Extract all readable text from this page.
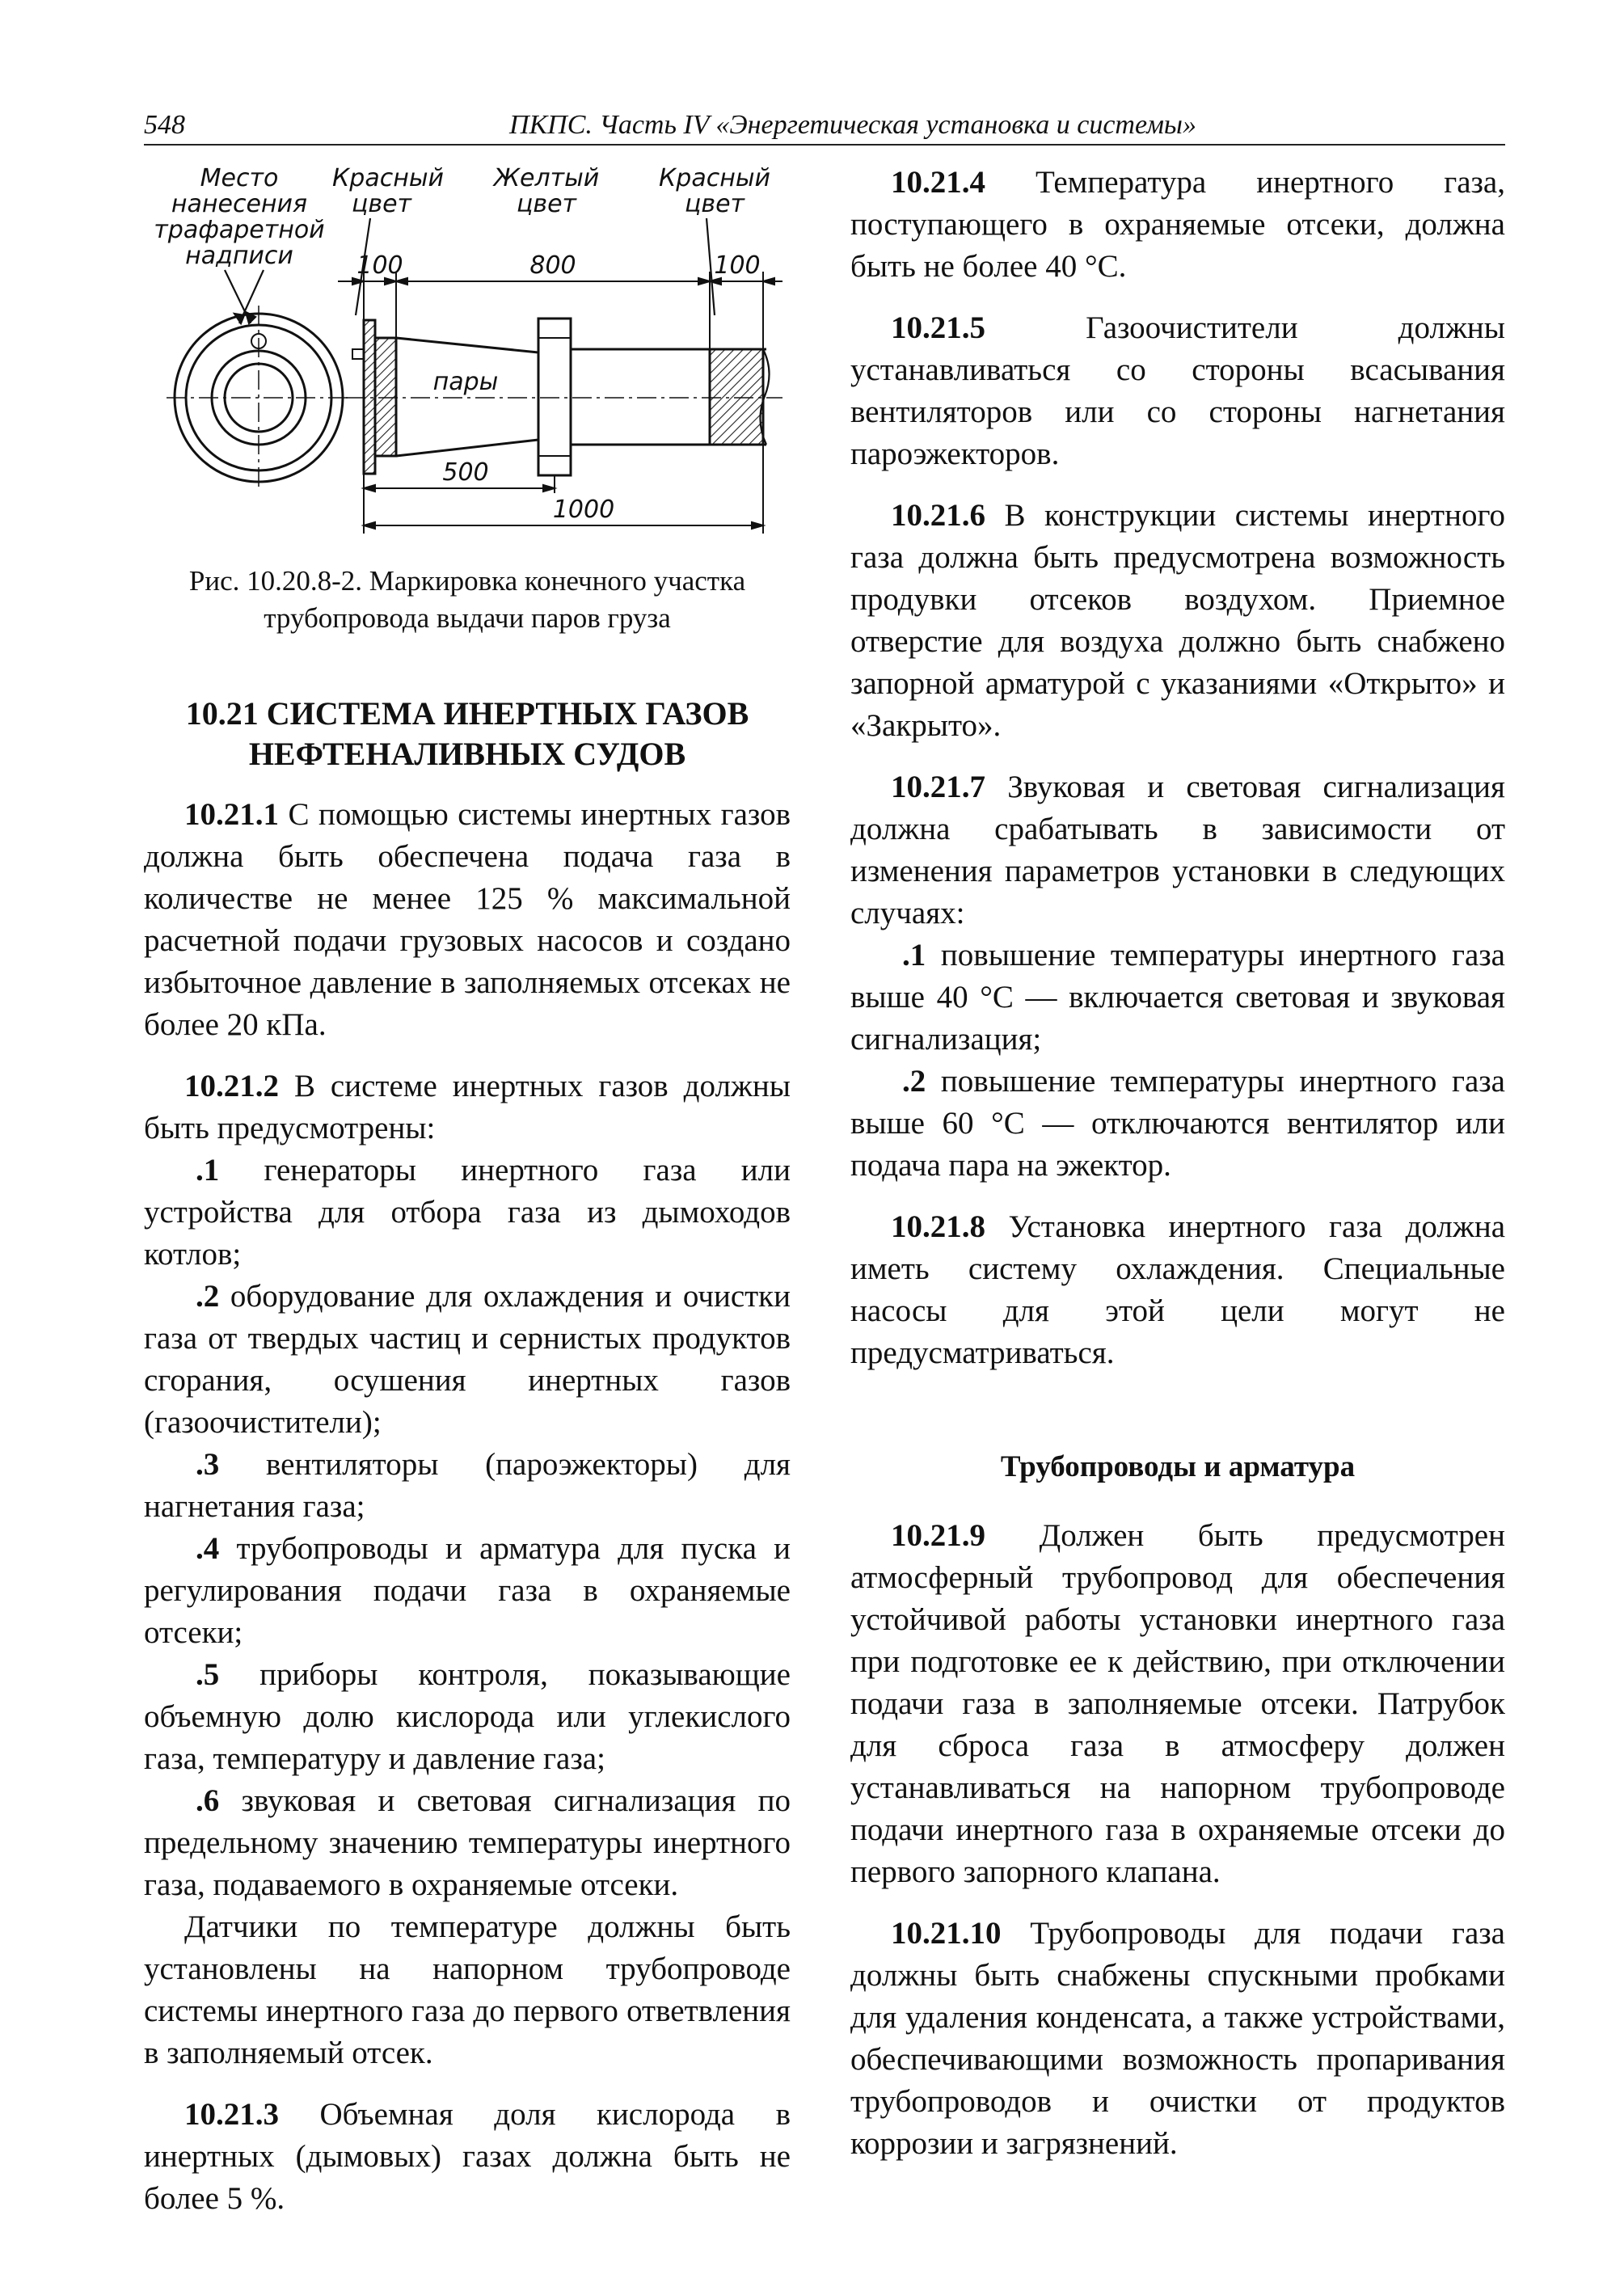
548	ПКПС. Часть IV «Энергетическая установка и системы»
Место
нанесения
трафаретной
надписи
Красный
цвет
Желтый
цвет
Красный
цвет
пары
100	800	100
500
1000
Рис. 10.20.8-2. Маркировка конечного участка
трубопровода выдачи паров груза
10.21 СИСТЕМА ИНЕРТНЫХ ГАЗОВ
НЕФТЕНАЛИВНЫХ СУДОВ

10.21.1 С помощью системы инертных газов должна быть обеспечена подача газа в количестве не менее 125 % максимальной расчетной подачи грузовых насосов и создано избыточное давление в заполняемых отсеках не более 20 кПа.

10.21.2 В системе инертных газов должны быть предусмотрены:

.1 генераторы инертного газа или устройства для отбора газа из дымоходов котлов;

.2 оборудование для охлаждения и очистки газа от твердых частиц и сернистых продуктов сгорания, осушения инертных газов (газоочистители);

.3 вентиляторы (пароэжекторы) для нагнетания газа;

.4 трубопроводы и арматура для пуска и регулирования подачи газа в охраняемые отсеки;

.5 приборы контроля, показывающие объемную долю кислорода или углекислого газа, температуру и давление газа;

.6 звуковая и световая сигнализация по предельному значению температуры инертного газа, подаваемого в охраняемые отсеки.

Датчики по температуре должны быть установлены на напорном трубопроводе системы инертного газа до первого ответвления в заполняемый отсек.

10.21.3 Объемная доля кислорода в инертных (дымовых) газах должна быть не более 5 %.

10.21.4 Температура инертного газа, поступающего в охраняемые отсеки, должна быть не более 40 °С.

10.21.5 Газоочистители должны устанавливаться со стороны всасывания вентиляторов или со стороны нагнетания пароэжекторов.

10.21.6 В конструкции системы инертного газа должна быть предусмотрена возможность продувки отсеков воздухом. Приемное отверстие для воздуха должно быть снабжено запорной арматурой с указаниями «Открыто» и «Закрыто».

10.21.7 Звуковая и световая сигнализация должна срабатывать в зависимости от изменения параметров установки в следующих случаях:

.1 повышение температуры инертного газа выше 40 °С — включается световая и звуковая сигнализация;

.2 повышение температуры инертного газа выше 60 °С — отключаются вентилятор или подача пара на эжектор.

10.21.8 Установка инертного газа должна иметь систему охлаждения. Специальные насосы для этой цели могут не предусматриваться.

Трубопроводы и арматура

10.21.9 Должен быть предусмотрен атмосферный трубопровод для обеспечения устойчивой работы установки инертного газа при подготовке ее к действию, при отключении подачи газа в заполняемые отсеки. Патрубок для сброса газа в атмосферу должен устанавливаться на напорном трубопроводе подачи инертного газа в охраняемые отсеки до первого запорного клапана.

10.21.10 Трубопроводы для подачи газа должны быть снабжены спускными пробками для удаления конденсата, а также устройствами, обеспечивающими возможность пропаривания трубопроводов и очистки от продуктов коррозии и загрязнений.
